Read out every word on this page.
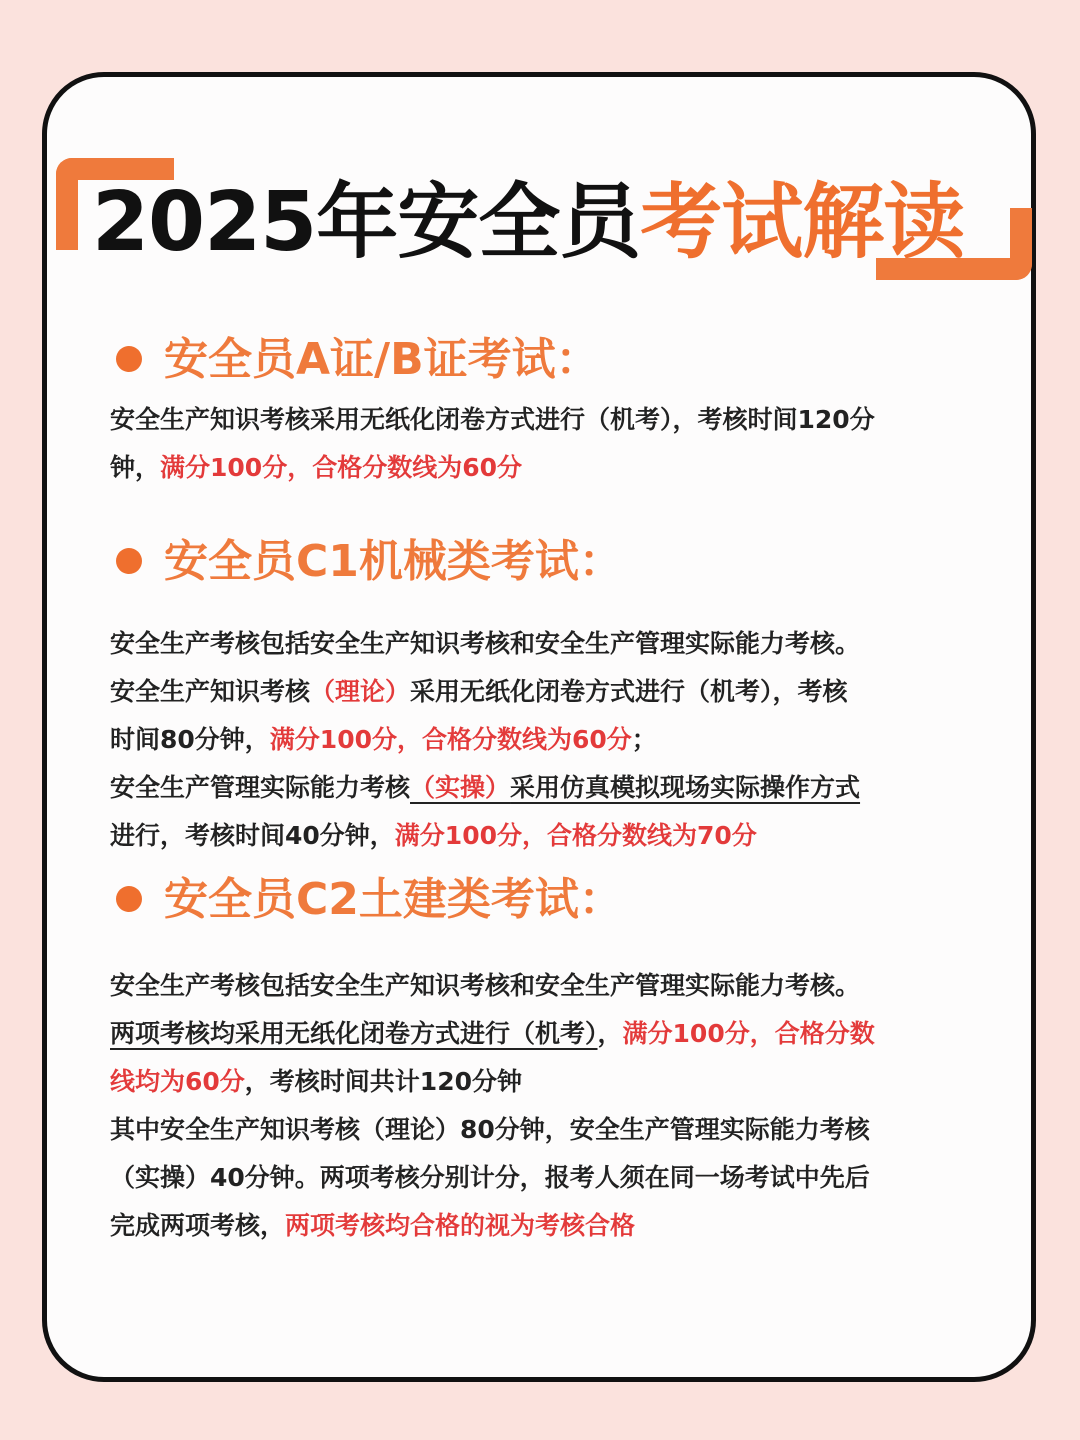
2025年安全员考试解读
安全员A证/B证考试：
安全生产知识考核采用无纸化闭卷方式进行（机考），考核时间120分
钟，满分100分，合格分数线为60分
安全员C1机械类考试：
安全生产考核包括安全生产知识考核和安全生产管理实际能力考核。
安全生产知识考核（理论）采用无纸化闭卷方式进行（机考），考核
时间80分钟，满分100分，合格分数线为60分；
安全生产管理实际能力考核（实操）采用仿真模拟现场实际操作方式
进行，考核时间40分钟，满分100分，合格分数线为70分
安全员C2土建类考试：
安全生产考核包括安全生产知识考核和安全生产管理实际能力考核。
两项考核均采用无纸化闭卷方式进行（机考），满分100分，合格分数
线均为60分，考核时间共计120分钟
其中安全生产知识考核（理论）80分钟，安全生产管理实际能力考核
（实操）40分钟。两项考核分别计分，报考人须在同一场考试中先后
完成两项考核，两项考核均合格的视为考核合格
